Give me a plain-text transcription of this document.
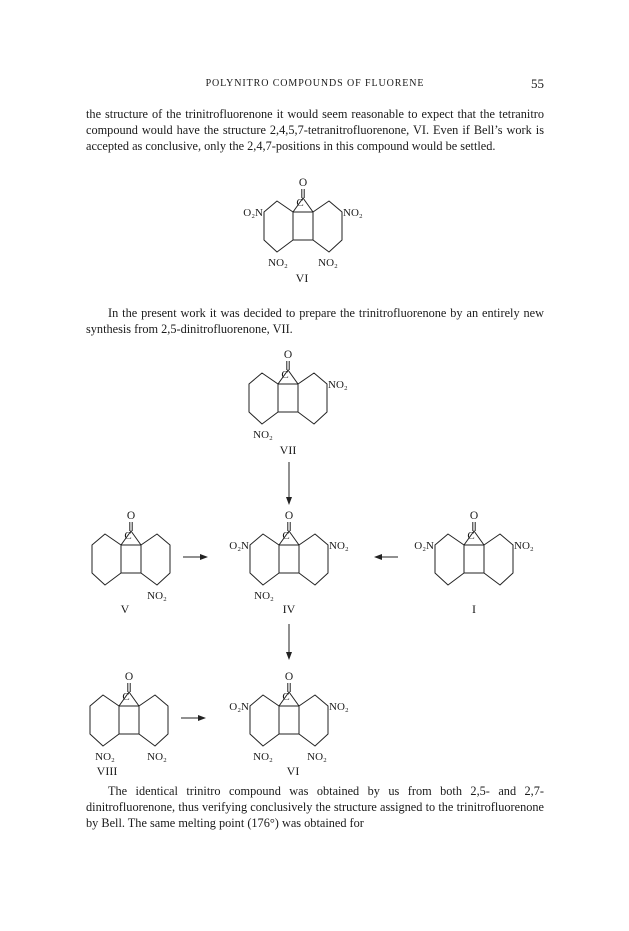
POLYNITRO COMPOUNDS OF FLUORENE	55

the structure of the trinitrofluorenone it would seem reasonable to expect that the tetranitro compound would have the structure 2,4,5,7-tetranitrofluorenone, VI. Even if Bell’s work is accepted as conclusive, only the 2,4,7-positions in this compound would be settled.

In the present work it was decided to prepare the trinitrofluorenone by an entirely new synthesis from 2,5-dinitrofluorenone, VII.

The identical trinitro compound was obtained by us from both 2,5- and 2,7-dinitrofluorenone, thus verifying conclusively the structure assigned to the trinitrofluorenone by Bell. The same melting point (176°) was obtained for

O
C
O₂N	NO₂
NO₂	NO₂
VI
O
C
NO₂
NO₂
VII
O
C
NO₂
V
O
C
O₂N	NO₂
NO₂
IV
O
C
O₂N	NO₂
I
O
C
NO₂	NO₂
VIII
O
C
O₂N	NO₂
NO₂	NO₂
VI
